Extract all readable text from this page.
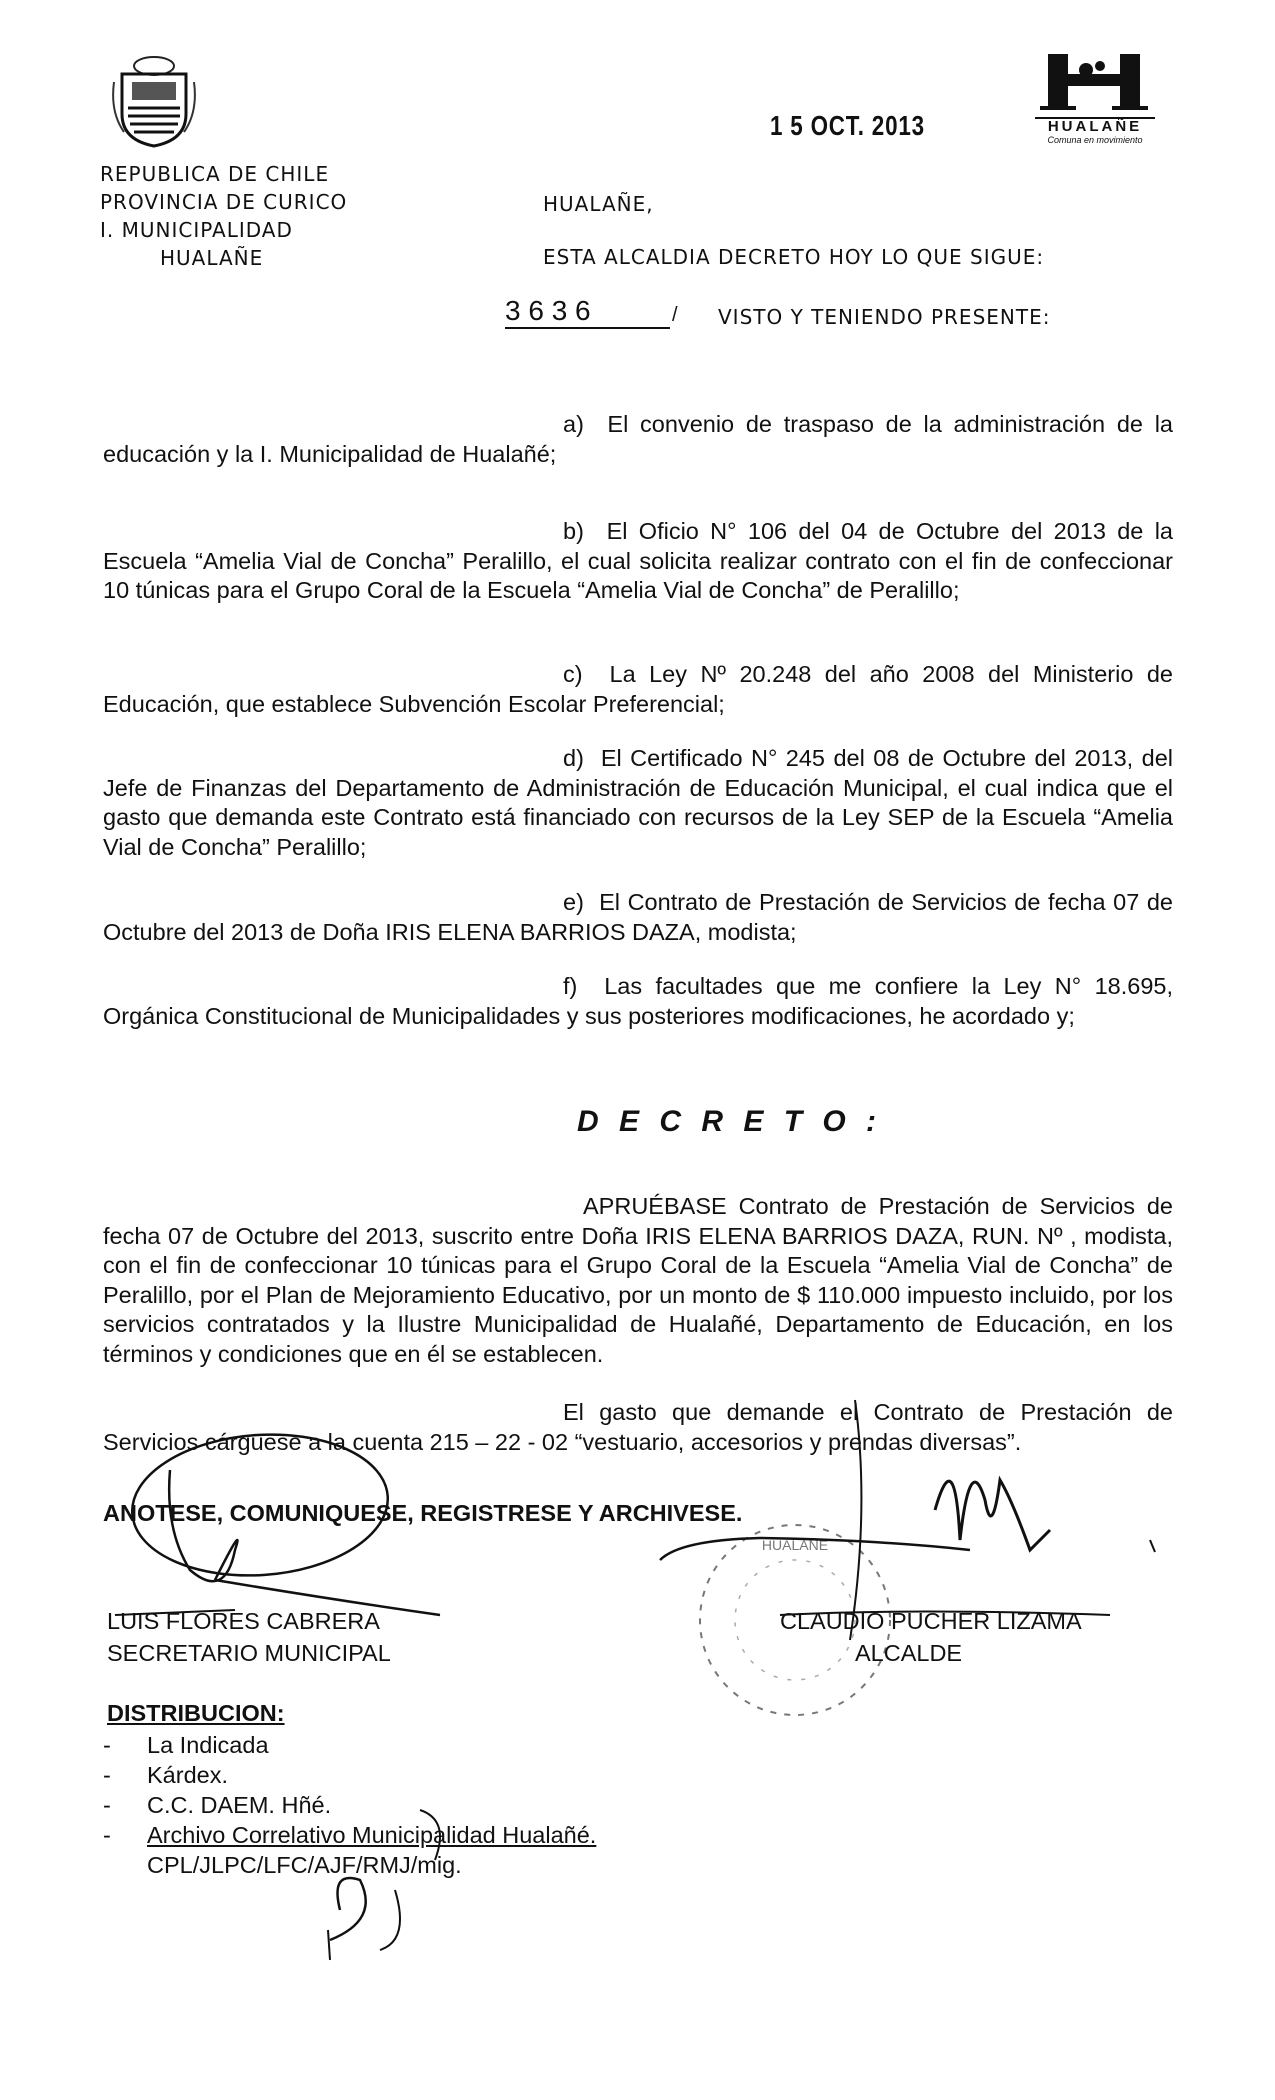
REPUBLICA DE CHILE
PROVINCIA DE CURICO
I. MUNICIPALIDAD
HUALAÑE
1 5 OCT. 2013	HUALAÑE
Comuna en movimiento
HUALAÑE,
ESTA ALCALDIA DECRETO HOY LO QUE SIGUE:
3 6 3 6	/ VISTO Y TENIENDO PRESENTE:
a) El convenio de traspaso de la administración de la educación y la I. Municipalidad de Hualañé;
b) El Oficio N° 106 del 04 de Octubre del 2013 de la Escuela “Amelia Vial de Concha” Peralillo, el cual solicita realizar contrato con el fin de confeccionar 10 túnicas para el Grupo Coral de la Escuela “Amelia Vial de Concha” de Peralillo;
c) La Ley Nº 20.248 del año 2008 del Ministerio de Educación, que establece Subvención Escolar Preferencial;
d) El Certificado N° 245 del 08 de Octubre del 2013, del Jefe de Finanzas del Departamento de Administración de Educación Municipal, el cual indica que el gasto que demanda este Contrato está financiado con recursos de la Ley SEP de la Escuela “Amelia Vial de Concha” Peralillo;
e) El Contrato de Prestación de Servicios de fecha 07 de Octubre del 2013 de Doña IRIS ELENA BARRIOS DAZA, modista;
f) Las facultades que me confiere la Ley N° 18.695, Orgánica Constitucional de Municipalidades y sus posteriores modificaciones, he acordado y;
D E C R E T O :
APRUÉBASE Contrato de Prestación de Servicios de fecha 07 de Octubre del 2013, suscrito entre Doña IRIS ELENA BARRIOS DAZA, RUN. Nº , modista, con el fin de confeccionar 10 túnicas para el Grupo Coral de la Escuela “Amelia Vial de Concha” de Peralillo, por el Plan de Mejoramiento Educativo, por un monto de $ 110.000 impuesto incluido, por los servicios contratados y la Ilustre Municipalidad de Hualañé, Departamento de Educación, en los términos y condiciones que en él se establecen.
El gasto que demande el Contrato de Prestación de Servicios cárguese a la cuenta 215 – 22 - 02 “vestuario, accesorios y prendas diversas”.
ANOTESE, COMUNIQUESE, REGISTRESE Y ARCHIVESE.
LUIS FLORES CABRERA
SECRETARIO MUNICIPAL
HUALAÑE
CLAUDIO PUCHER LIZAMA
ALCALDE
DISTRIBUCION:
- La Indicada
- Kárdex.
- C.C. DAEM. Hñé.
- Archivo Correlativo Municipalidad Hualañé.
CPL/JLPC/LFC/AJF/RMJ/mig.
